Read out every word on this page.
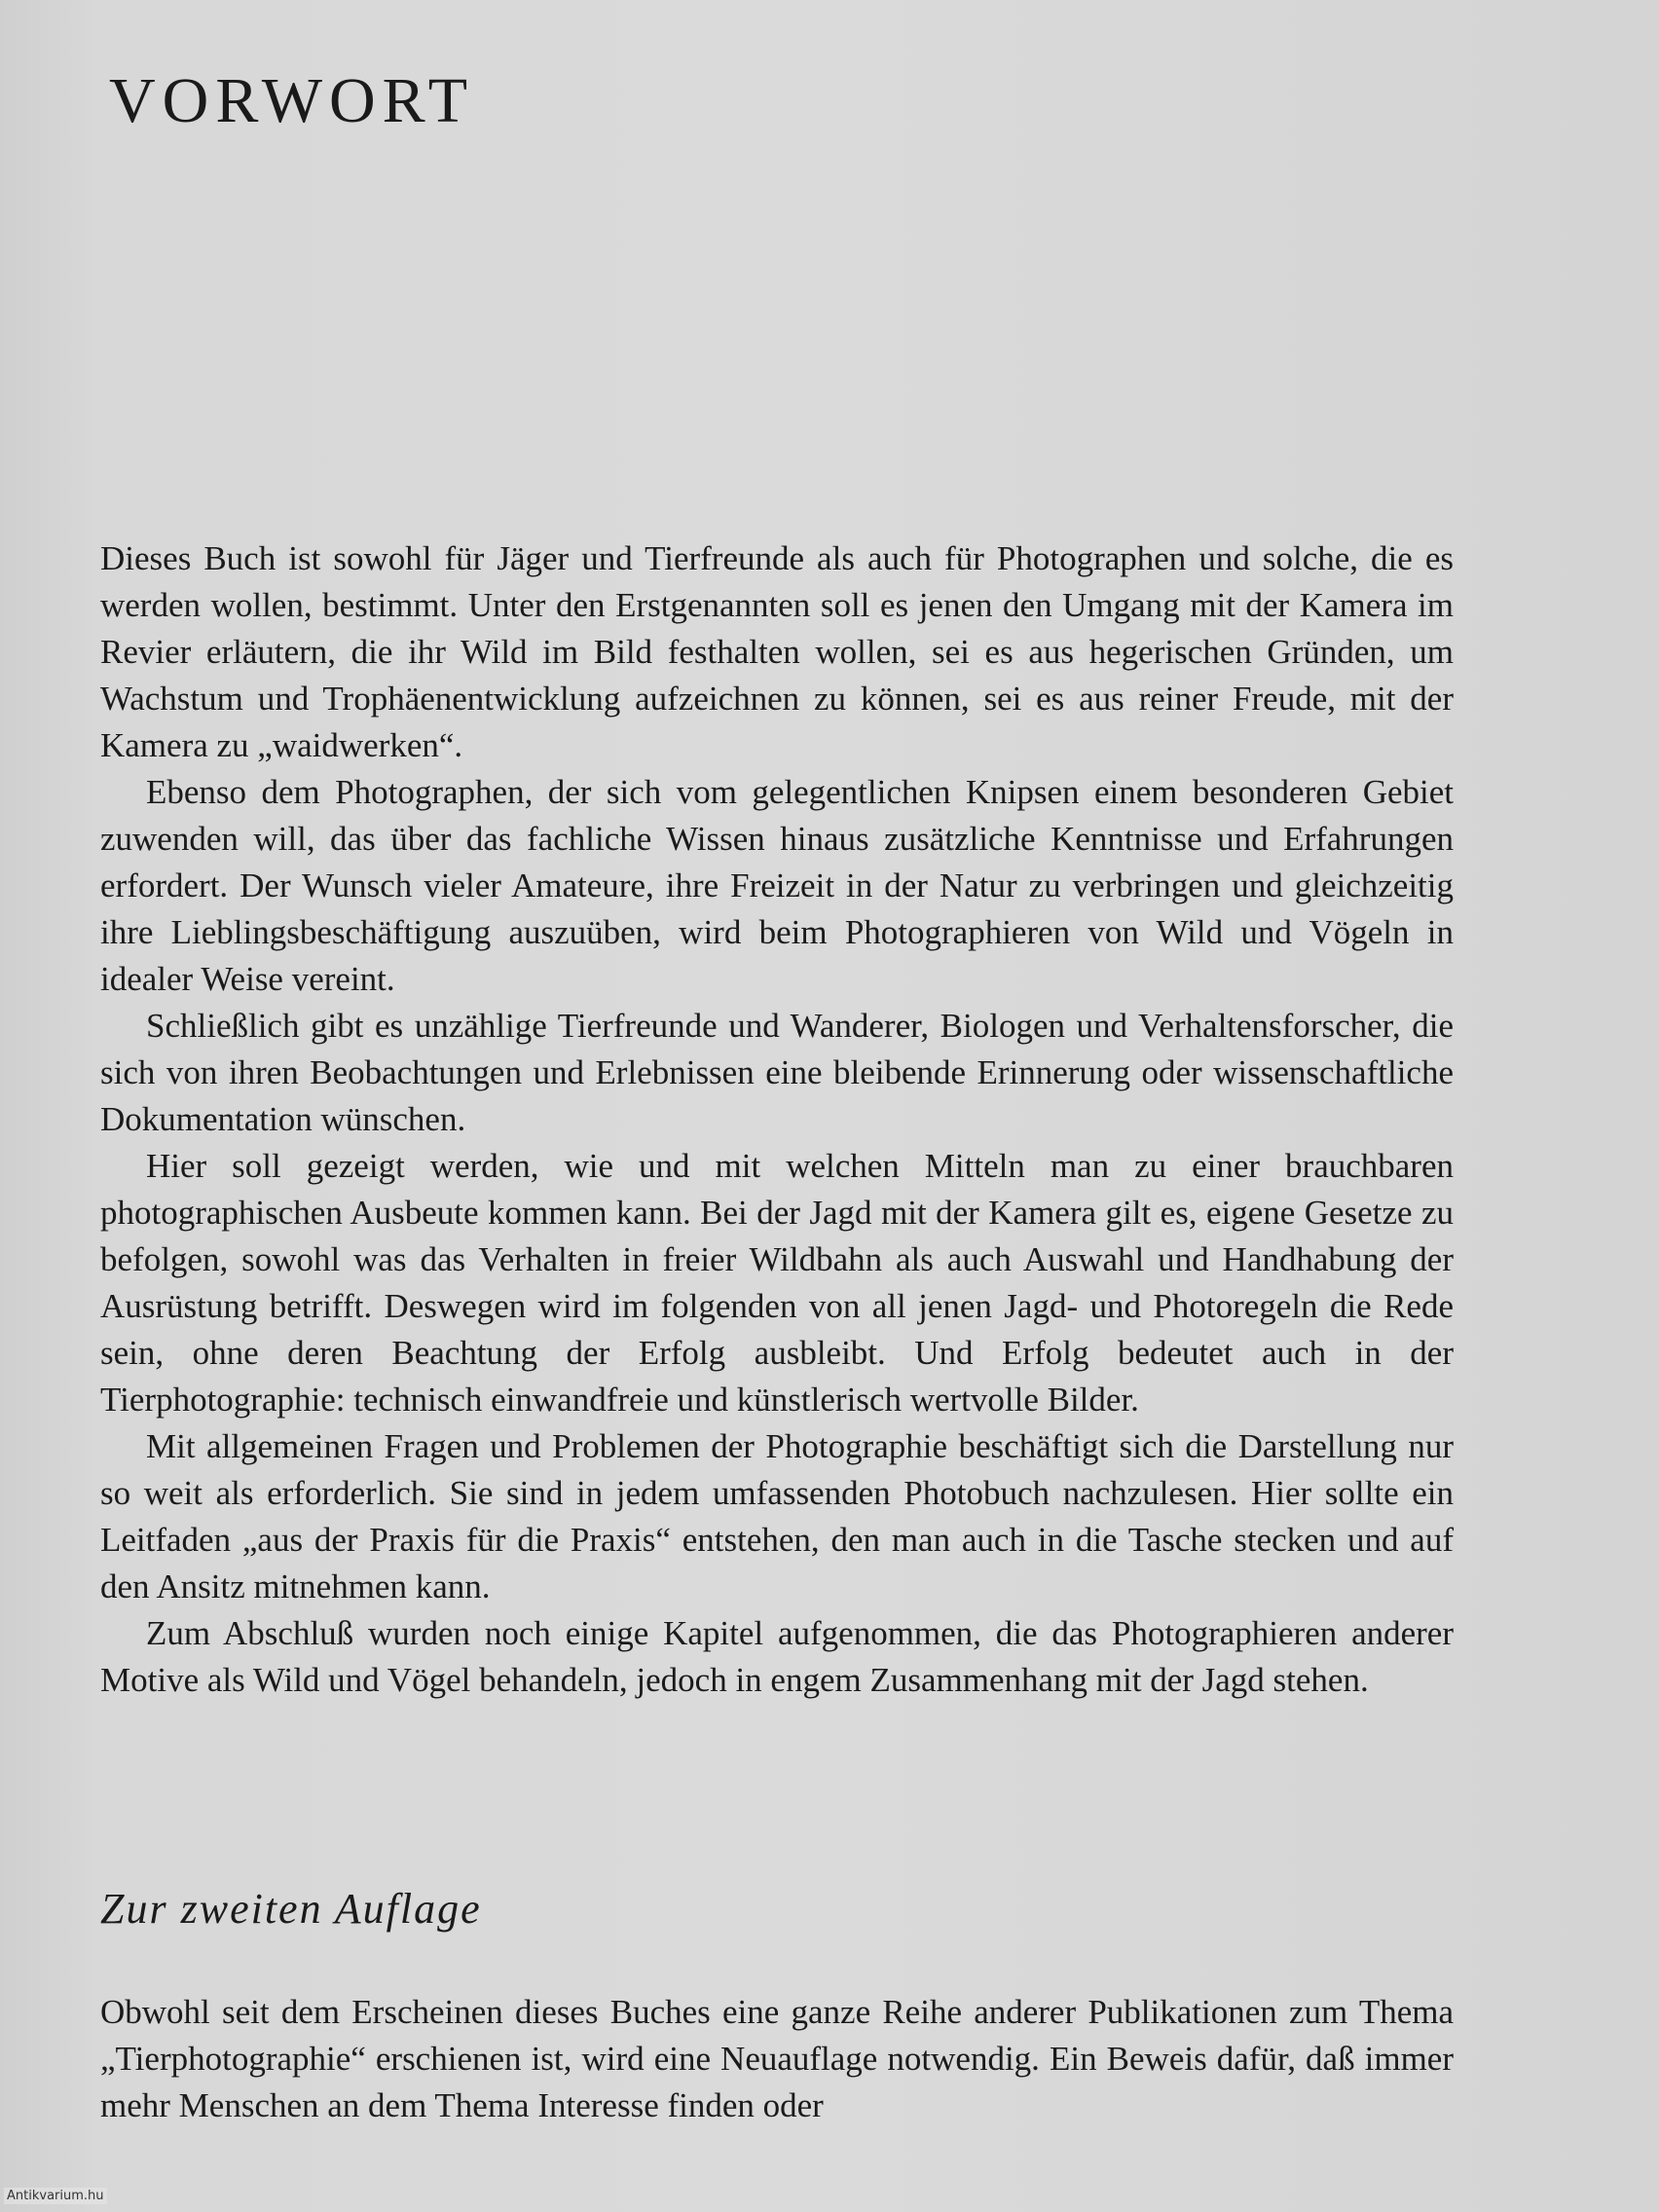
VORWORT

Dieses Buch ist sowohl für Jäger und Tierfreunde als auch für Photographen und solche, die es werden wollen, bestimmt. Unter den Erstgenannten soll es jenen den Umgang mit der Kamera im Revier erläutern, die ihr Wild im Bild festhalten wollen, sei es aus hegerischen Gründen, um Wachstum und Trophäenentwicklung aufzeichnen zu können, sei es aus reiner Freude, mit der Kamera zu „waidwerken“.

Ebenso dem Photographen, der sich vom gelegentlichen Knipsen einem besonderen Gebiet zuwenden will, das über das fachliche Wissen hinaus zusätzliche Kenntnisse und Erfahrungen erfordert. Der Wunsch vieler Amateure, ihre Freizeit in der Natur zu verbringen und gleichzeitig ihre Lieblingsbeschäftigung auszuüben, wird beim Photographieren von Wild und Vögeln in idealer Weise vereint.

Schließlich gibt es unzählige Tierfreunde und Wanderer, Biologen und Verhaltensforscher, die sich von ihren Beobachtungen und Erlebnissen eine bleibende Erinnerung oder wissenschaftliche Dokumentation wünschen.

Hier soll gezeigt werden, wie und mit welchen Mitteln man zu einer brauchbaren photographischen Ausbeute kommen kann. Bei der Jagd mit der Kamera gilt es, eigene Gesetze zu befolgen, sowohl was das Verhalten in freier Wildbahn als auch Auswahl und Handhabung der Ausrüstung betrifft. Deswegen wird im folgenden von all jenen Jagd- und Photoregeln die Rede sein, ohne deren Beachtung der Erfolg ausbleibt. Und Erfolg bedeutet auch in der Tierphotographie: technisch einwandfreie und künstlerisch wertvolle Bilder.

Mit allgemeinen Fragen und Problemen der Photographie beschäftigt sich die Darstellung nur so weit als erforderlich. Sie sind in jedem umfassenden Photobuch nachzulesen. Hier sollte ein Leitfaden „aus der Praxis für die Praxis“ entstehen, den man auch in die Tasche stecken und auf den Ansitz mitnehmen kann.

Zum Abschluß wurden noch einige Kapitel aufgenommen, die das Photographieren anderer Motive als Wild und Vögel behandeln, jedoch in engem Zusammenhang mit der Jagd stehen.

Zur zweiten Auflage

Obwohl seit dem Erscheinen dieses Buches eine ganze Reihe anderer Publikationen zum Thema „Tierphotographie“ erschienen ist, wird eine Neuauflage notwendig. Ein Beweis dafür, daß immer mehr Menschen an dem Thema Interesse finden oder

Antikvarium.hu
